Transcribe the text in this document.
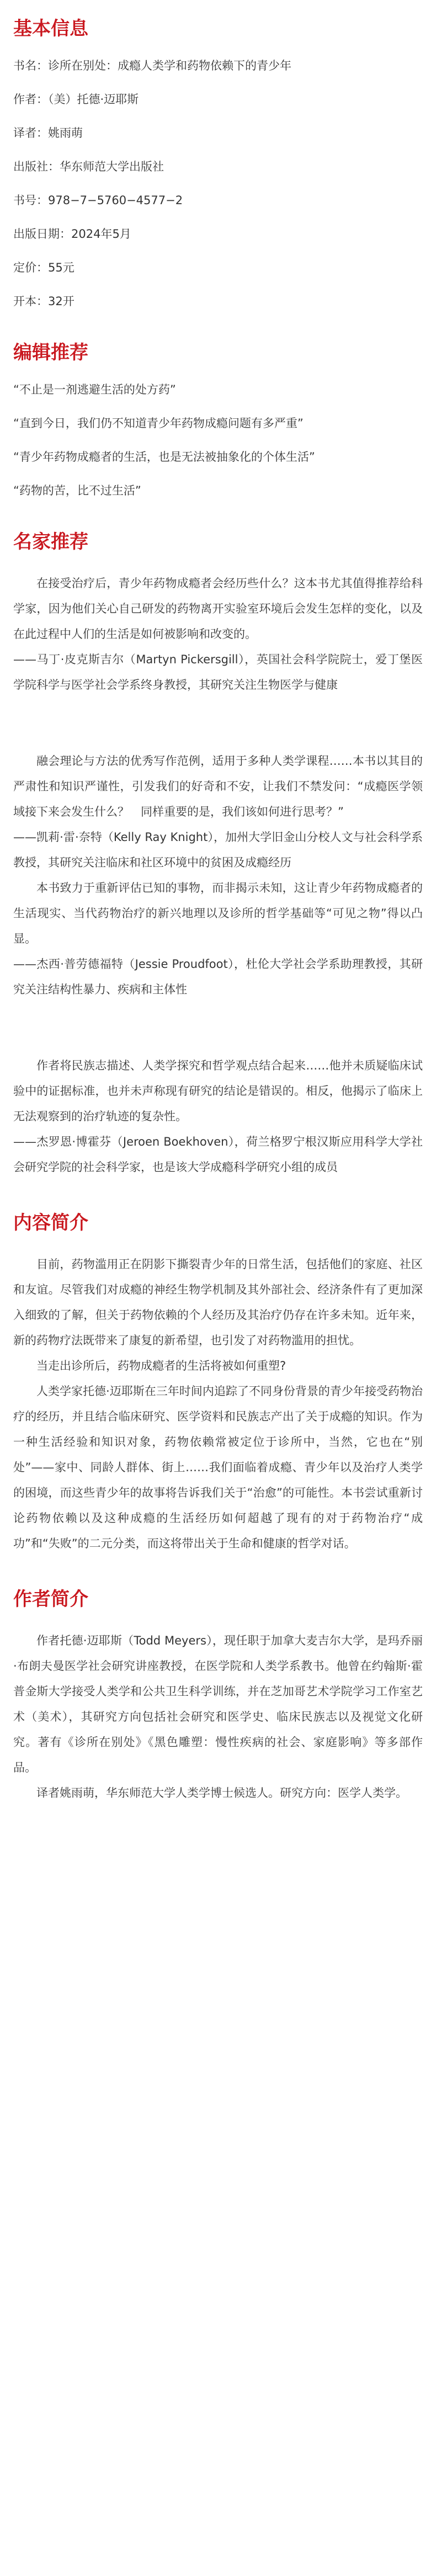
基本信息

书名：诊所在别处：成瘾人类学和药物依赖下的青少年

作者：（美）托德·迈耶斯

译者：姚雨萌

出版社：华东师范大学出版社

书号：978−7−5760−4577−2

出版日期：2024年5月

定价：55元

开本：32开

编辑推荐

“不止是一剂逃避生活的处方药”

“直到今日，我们仍不知道青少年药物成瘾问题有多严重”

“青少年药物成瘾者的生活，也是无法被抽象化的个体生活”

“药物的苦，比不过生活”

名家推荐

在接受治疗后，青少年药物成瘾者会经历些什么？这本书尤其值得推荐给科学家，因为他们关心自己研发的药物离开实验室环境后会发生怎样的变化，以及在此过程中人们的生活是如何被影响和改变的。

——马丁·皮克斯吉尔（Martyn Pickersgill），英国社会科学院院士，爱丁堡医学院科学与医学社会学系终身教授，其研究关注生物医学与健康

融会理论与方法的优秀写作范例，适用于多种人类学课程……本书以其目的严肃性和知识严谨性，引发我们的好奇和不安，让我们不禁发问：“成瘾医学领域接下来会发生什么？　同样重要的是，我们该如何进行思考？”

——凯莉·雷·奈特（Kelly Ray Knight），加州大学旧金山分校人文与社会科学系教授，其研究关注临床和社区环境中的贫困及成瘾经历

本书致力于重新评估已知的事物，而非揭示未知，这让青少年药物成瘾者的生活现实、当代药物治疗的新兴地理以及诊所的哲学基础等“可见之物”得以凸显。

——杰西·普劳德福特（Jessie Proudfoot），杜伦大学社会学系助理教授，其研究关注结构性暴力、疾病和主体性

作者将民族志描述、人类学探究和哲学观点结合起来……他并未质疑临床试验中的证据标准，也并未声称现有研究的结论是错误的。相反，他揭示了临床上无法观察到的治疗轨迹的复杂性。

——杰罗恩·博霍芬（Jeroen Boekhoven），荷兰格罗宁根汉斯应用科学大学社会研究学院的社会科学家，也是该大学成瘾科学研究小组的成员

内容简介

目前，药物滥用正在阴影下撕裂青少年的日常生活，包括他们的家庭、社区和友谊。尽管我们对成瘾的神经生物学机制及其外部社会、经济条件有了更加深入细致的了解，但关于药物依赖的个人经历及其治疗仍存在许多未知。近年来，新的药物疗法既带来了康复的新希望，也引发了对药物滥用的担忧。

当走出诊所后，药物成瘾者的生活将被如何重塑?

人类学家托德·迈耶斯在三年时间内追踪了不同身份背景的青少年接受药物治疗的经历，并且结合临床研究、医学资料和民族志产出了关于成瘾的知识。作为一种生活经验和知识对象，药物依赖常被定位于诊所中，当然，它也在“别处”——家中、同龄人群体、街上……我们面临着成瘾、青少年以及治疗人类学的困境，而这些青少年的故事将告诉我们关于“治愈”的可能性。本书尝试重新讨论药物依赖以及这种成瘾的生活经历如何超越了现有的对于药物治疗“成功”和“失败”的二元分类，而这将带出关于生命和健康的哲学对话。

作者简介

作者托德·迈耶斯（Todd Meyers），现任职于加拿大麦吉尔大学，是玛乔丽·布朗夫曼医学社会研究讲座教授，在医学院和人类学系教书。他曾在约翰斯·霍普金斯大学接受人类学和公共卫生科学训练，并在芝加哥艺术学院学习工作室艺术（美术），其研究方向包括社会研究和医学史、临床民族志以及视觉文化研究。著有《诊所在别处》《黑色雕塑：慢性疾病的社会、家庭影响》等多部作品。

译者姚雨萌，华东师范大学人类学博士候选人。研究方向：医学人类学。
